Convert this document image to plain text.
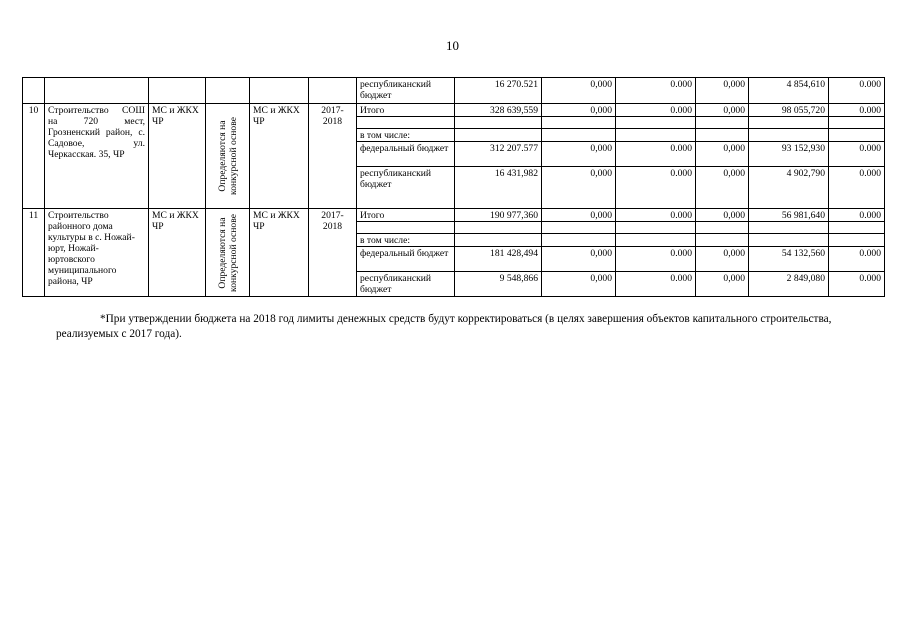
10
						республиканский бюджет	16 270.521	0,000	0.000	0,000	4 854,610	0.000
10	Строительство СОШ на 720 мест, Грозненский район, с. Садовое, ул. Черкасская. 35, ЧР	МС и ЖКХ ЧР	Определяются на конкурсной основе	МС и ЖКХ ЧР	2017-2018	Итого	328 639,559	0,000	0.000	0,000	98 055,720	0.000

						в том числе:						
						федеральный бюджет	312 207.577	0,000	0.000	0,000	93 152,930	0.000
						республиканский бюджет	16 431,982	0,000	0.000	0,000	4 902,790	0.000
11	Строительство районного дома культуры в с. Ножай-юрт, Ножай-юртовского муниципального района, ЧР	МС и ЖКХ ЧР	Определяются на конкурсной основе	МС и ЖКХ ЧР	2017-2018	Итого	190 977,360	0,000	0.000	0,000	56 981,640	0.000

						в том числе:						
						федеральный бюджет	181 428,494	0,000	0.000	0,000	54 132,560	0.000
						республиканский бюджет	9 548,866	0,000	0.000	0,000	2 849,080	0.000
*При утверждении бюджета на 2018 год лимиты денежных средств будут корректироваться (в целях завершения объектов капитального строительства, реализуемых с 2017 года).
